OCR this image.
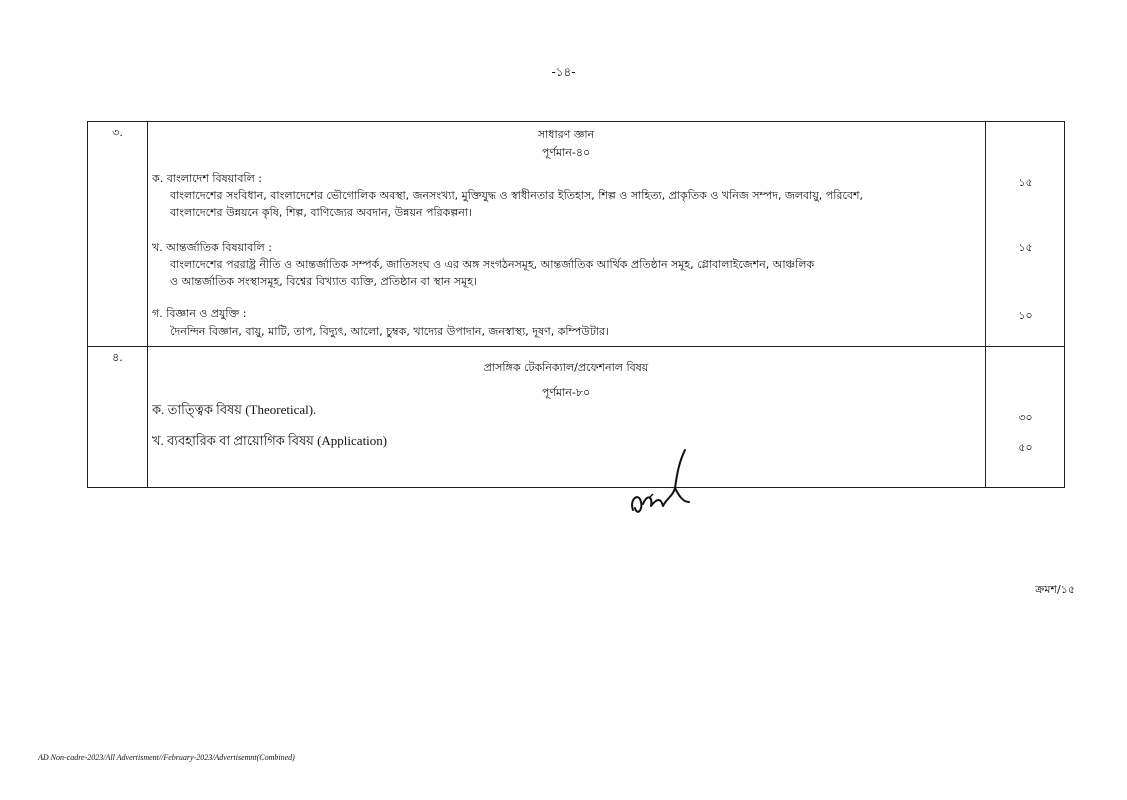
-১৪-
৩.	সাধারণ জ্ঞান
পূর্ণমান-৪০
ক. বাংলাদেশ বিষয়াবলি :
বাংলাদেশের সংবিধান, বাংলাদেশের ভৌগোলিক অবস্থা, জনসংখ্যা, মুক্তিযুদ্ধ ও স্বাধীনতার ইতিহাস, শিল্প ও সাহিত্য, প্রাকৃতিক ও খনিজ সম্পদ, জলবায়ু, পরিবেশ,
বাংলাদেশের উন্নয়নে কৃষি, শিল্প, বাণিজ্যের অবদান, উন্নয়ন পরিকল্পনা।
১৫
খ. আন্তর্জাতিক বিষয়াবলি :
বাংলাদেশের পররাষ্ট্র নীতি ও আন্তর্জাতিক সম্পর্ক, জাতিসংঘ ও এর অঙ্গ সংগঠনসমূহ, আন্তর্জাতিক আর্থিক প্রতিষ্ঠান সমূহ, গ্লোবালাইজেশন, আঞ্চলিক
ও আন্তর্জাতিক সংস্থাসমূহ, বিশ্বের বিখ্যাত ব্যক্তি, প্রতিষ্ঠান বা স্থান সমূহ।
১৫
গ. বিজ্ঞান ও প্রযুক্তি :
দৈনন্দিন বিজ্ঞান, বায়ু, মাটি, তাপ, বিদ্যুৎ, আলো, চুম্বক, খাদ্যের উপাদান, জনস্বাস্থ্য, দূষণ, কম্পিউটার।
১০
৪.
প্রাসঙ্গিক টেকনিক্যাল/প্রফেশনাল বিষয়
পূর্ণমান-৮০
ক. তাত্ত্বিক বিষয় (Theoretical).
৩০
খ. ব্যবহারিক বা প্রায়োগিক বিষয় (Application)	৫০
ক্রমশ/১৫
AD Non-cadre-2023/All Advertisment//February-2023/Advertisemnt(Combined)
